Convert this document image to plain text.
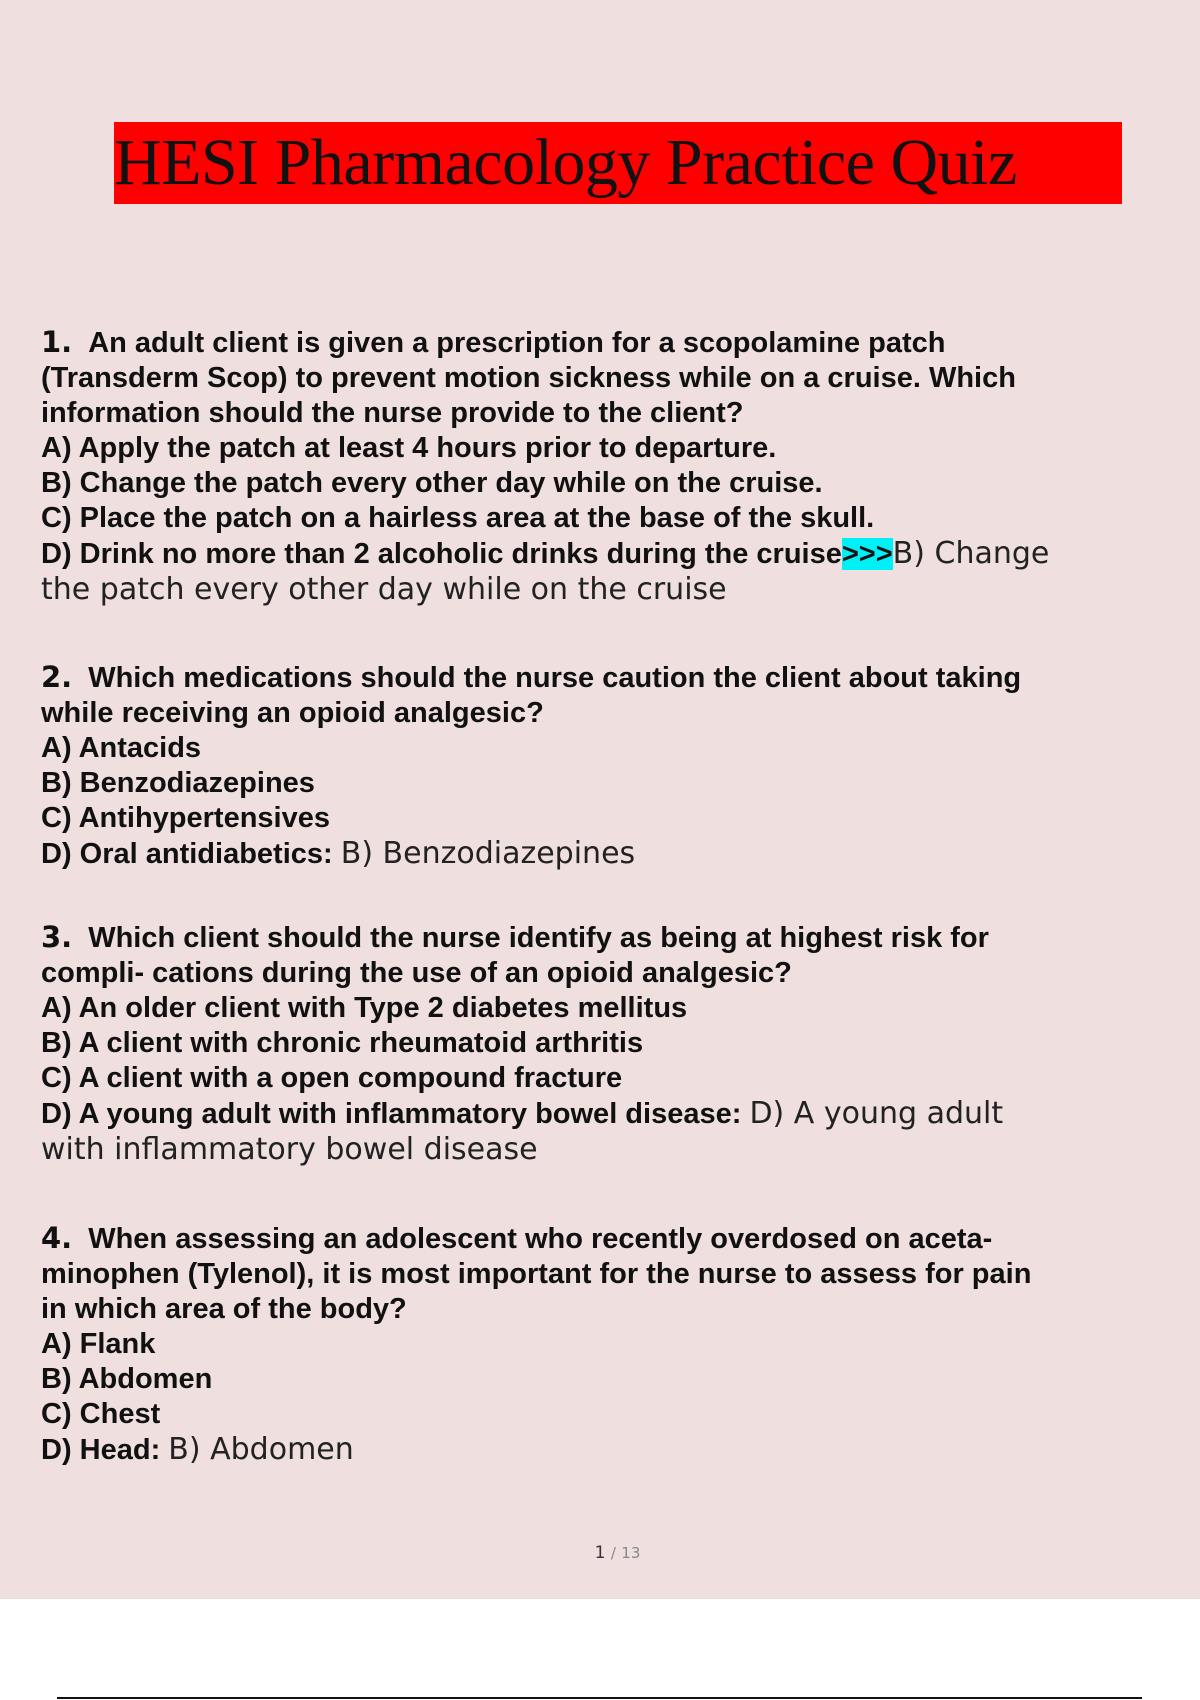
HESI Pharmacology Practice Quiz
1. An adult client is given a prescription for a scopolamine patch
(Transderm Scop) to prevent motion sickness while on a cruise. Which
information should the nurse provide to the client?
A) Apply the patch at least 4 hours prior to departure.
B) Change the patch every other day while on the cruise.
C) Place the patch on a hairless area at the base of the skull.
D) Drink no more than 2 alcoholic drinks during the cruise>>>B) Change
the patch every other day while on the cruise
2. Which medications should the nurse caution the client about taking
while receiving an opioid analgesic?
A) Antacids
B) Benzodiazepines
C) Antihypertensives
D) Oral antidiabetics: B) Benzodiazepines
3. Which client should the nurse identify as being at highest risk for
compli- cations during the use of an opioid analgesic?
A) An older client with Type 2 diabetes mellitus
B) A client with chronic rheumatoid arthritis
C) A client with a open compound fracture
D) A young adult with inflammatory bowel disease: D) A young adult
with inflammatory bowel disease
4. When assessing an adolescent who recently overdosed on aceta-
minophen (Tylenol), it is most important for the nurse to assess for pain
in which area of the body?
A) Flank
B) Abdomen
C) Chest
D) Head: B) Abdomen
1 / 13
